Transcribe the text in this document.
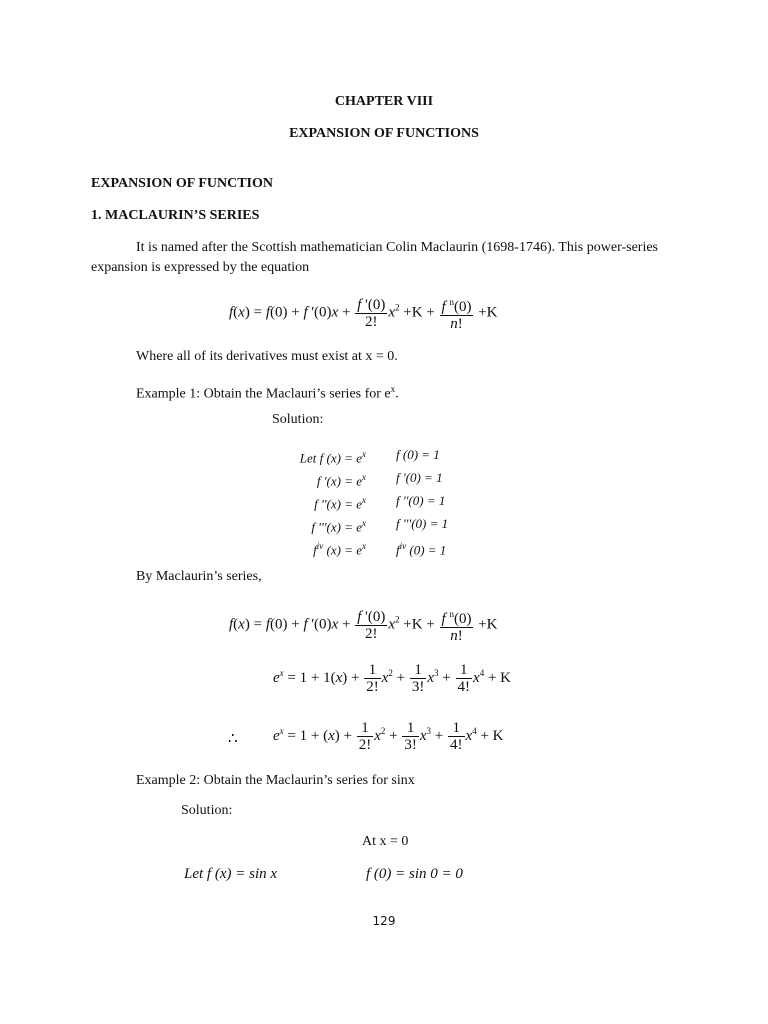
CHAPTER VIII
EXPANSION OF FUNCTIONS
EXPANSION OF FUNCTION
1. MACLAURIN’S SERIES
It is named after the Scottish mathematician Colin Maclaurin (1698-1746). This power-series
expansion is expressed by the equation
f(x) = f(0) + f '$(0)x + \frac{f '(0)}{2!} x^2 +K + \frac{f ^n(0)}{n!} +K$
Where all of its derivatives must exist at x = 0.
Example 1: Obtain the Maclauri’s series for $e^x$.
Solution:
Let f $(x) = e^x$
f '$(x) = e^x$
f ''$(x) = e^x$
f '''$(x) = e^x$
$f^{iv}$ $(x) = e^x$
f (0) = 1
f '(0) = 1
f ''(0) = 1
f '''(0) = 1
$f^{iv}$ (0) = 1
By Maclaurin’s series,
f(x) = f(0) + f '$(0)x + \frac{f '(0)}{2!} x^2 +K + \frac{f ^n(0)}{n!} +K$
$e^x = 1 + 1(x) + \frac{1}{2!} x^2 + \frac{1}{3!} x^3 + \frac{1}{4!} x^4 + K$
∴ $e^x = 1 + (x) + \frac{1}{2!} x^2 + \frac{1}{3!} x^3 + \frac{1}{4!} x^4 + K$
Example 2: Obtain the Maclaurin’s series for sinx
Solution:
At x = 0
Let f (x) = sin x	f (0) = sin 0 = 0
129
